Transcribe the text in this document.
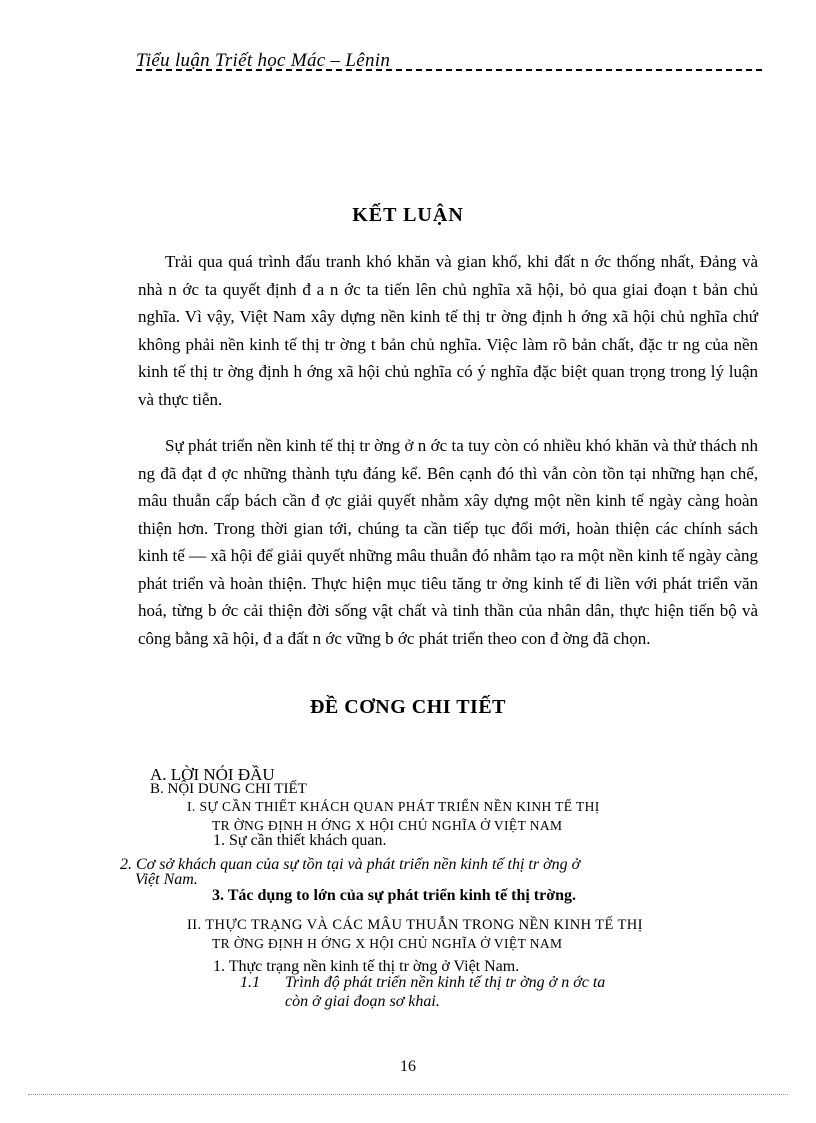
Tiểu luận Triết học Mác – Lênin
KẾT LUẬN

Trải qua quá trình đấu tranh khó khăn và gian khổ, khi đất n ớc thống nhất, Đảng và nhà n ớc ta quyết định đ a n ớc ta tiến lên chủ nghĩa xã hội, bỏ qua giai đoạn t bản chủ nghĩa. Vì vậy, Việt Nam xây dựng nền kinh tế thị tr ờng định h ớng xã hội chủ nghĩa chứ không phải nền kinh tế thị tr ờng t bản chủ nghĩa. Việc làm rõ bản chất, đặc tr ng của nền kinh tế thị tr ờng định h ớng xã hội chủ nghĩa có ý nghĩa đặc biệt quan trọng trong lý luận và thực tiễn.

Sự phát triển nền kinh tế thị tr ờng ở n ớc ta tuy còn có nhiều khó khăn và thử thách nh ng đã đạt đ ợc những thành tựu đáng kể. Bên cạnh đó thì vẫn còn tồn tại những hạn chế, mâu thuẫn cấp bách cần đ ợc giải quyết nhằm xây dựng một nền kinh tế ngày càng hoàn thiện hơn. Trong thời gian tới, chúng ta cần tiếp tục đổi mới, hoàn thiện các chính sách kinh tế — xã hội để giải quyết những mâu thuẫn đó nhằm tạo ra một nền kinh tế ngày càng phát triển và hoàn thiện. Thực hiện mục tiêu tăng tr ởng kinh tế đi liền với phát triển văn hoá, từng b ớc cải thiện đời sống vật chất và tinh thần của nhân dân, thực hiện tiến bộ và công bằng xã hội, đ a đất n ớc vững b ớc phát triển theo con đ ờng đã chọn.

ĐỀ CƠNG CHI TIẾT
A. LỜI NÓI ĐẦU
B. NỘI DUNG CHI TIẾT
I. SỰ CẦN THIẾT KHÁCH QUAN PHÁT TRIỂN NỀN KINH TẾ THỊ
TR ỜNG ĐỊNH H ỚNG X HỘI CHỦ NGHĨA Ở VIỆT NAM
1. Sự cần thiết khách quan.
2. Cơ sở khách quan của sự tồn tại và phát triển nền kinh tế thị tr ờng ở
Việt Nam.
3. Tác dụng to lớn của sự phát triển kinh tế thị trờng.
II. THỰC TRẠNG VÀ CÁC MÂU THUẪN TRONG NỀN KINH TẾ THỊ
TR ỜNG ĐỊNH H ỚNG X HỘI CHỦ NGHĨA Ở VIỆT NAM
1. Thực trạng nền kinh tế thị tr ờng ở Việt Nam.
1.1 Trình độ phát triển nền kinh tế thị tr ờng ở n ớc ta
còn ở giai đoạn sơ khai.
16
